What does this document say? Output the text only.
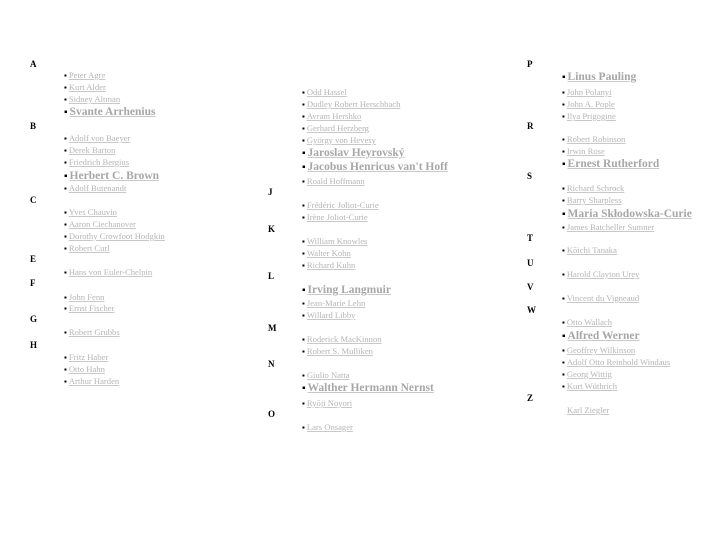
A
B
C
E
F
G
H
J
K
L
M
N
O
P
R
S
T
U
V
W
Z
▪ Peter Agre
▪ Kurt Alder
▪ Sidney Altman
▪ Svante Arrhenius
▪ Adolf von Baeyer
▪ Derek Barton
▪ Friedrich Bergius
▪ Herbert C. Brown
▪ Adolf Butenandt
▪ Yves Chauvin
▪ Aaron Ciechanover
▪ Dorothy Crowfoot Hodgkin
▪ Robert Curl
▪ Hans von Euler-Chelpin
▪ John Fenn
▪ Ernst Fischer
▪ Robert Grubbs
▪ Fritz Haber
▪ Otto Hahn
▪ Arthur Harden
▪ Odd Hassel
▪ Dudley Robert Herschbach
▪ Avram Hershko
▪ Gerhard Herzberg
▪ György von Hevesy
▪ Jaroslav Heyrovský
▪ Jacobus Henricus van't Hoff
▪ Roald Hoffmann
▪ Frédéric Joliot-Curie
▪ Irène Joliot-Curie
▪ William Knowles
▪ Walter Kohn
▪ Richard Kuhn
▪ Irving Langmuir
▪ Jean-Marie Lehn
▪ Willard Libby
▪ Roderick MacKinnon
▪ Robert S. Mulliken
▪ Giulio Natta
▪ Walther Hermann Nernst
▪ Ryōji Noyori
▪ Lars Onsager
▪ Linus Pauling
▪ John Polanyi
▪ John A. Pople
▪ Ilya Prigogine
▪ Robert Robinson
▪ Irwin Rose
▪ Ernest Rutherford
▪ Richard Schrock
▪ Barry Sharpless
▪ Maria Skłodowska-Curie
▪ James Batcheller Sumner
▪ Kōichi Tanaka
▪ Harold Clayton Urey
▪ Vincent du Vigneaud
▪ Otto Wallach
▪ Alfred Werner
▪ Geoffrey Wilkinson
▪ Adolf Otto Reinhold Windaus
▪ Georg Wittig
▪ Kurt Wüthrich
Karl Ziegler
